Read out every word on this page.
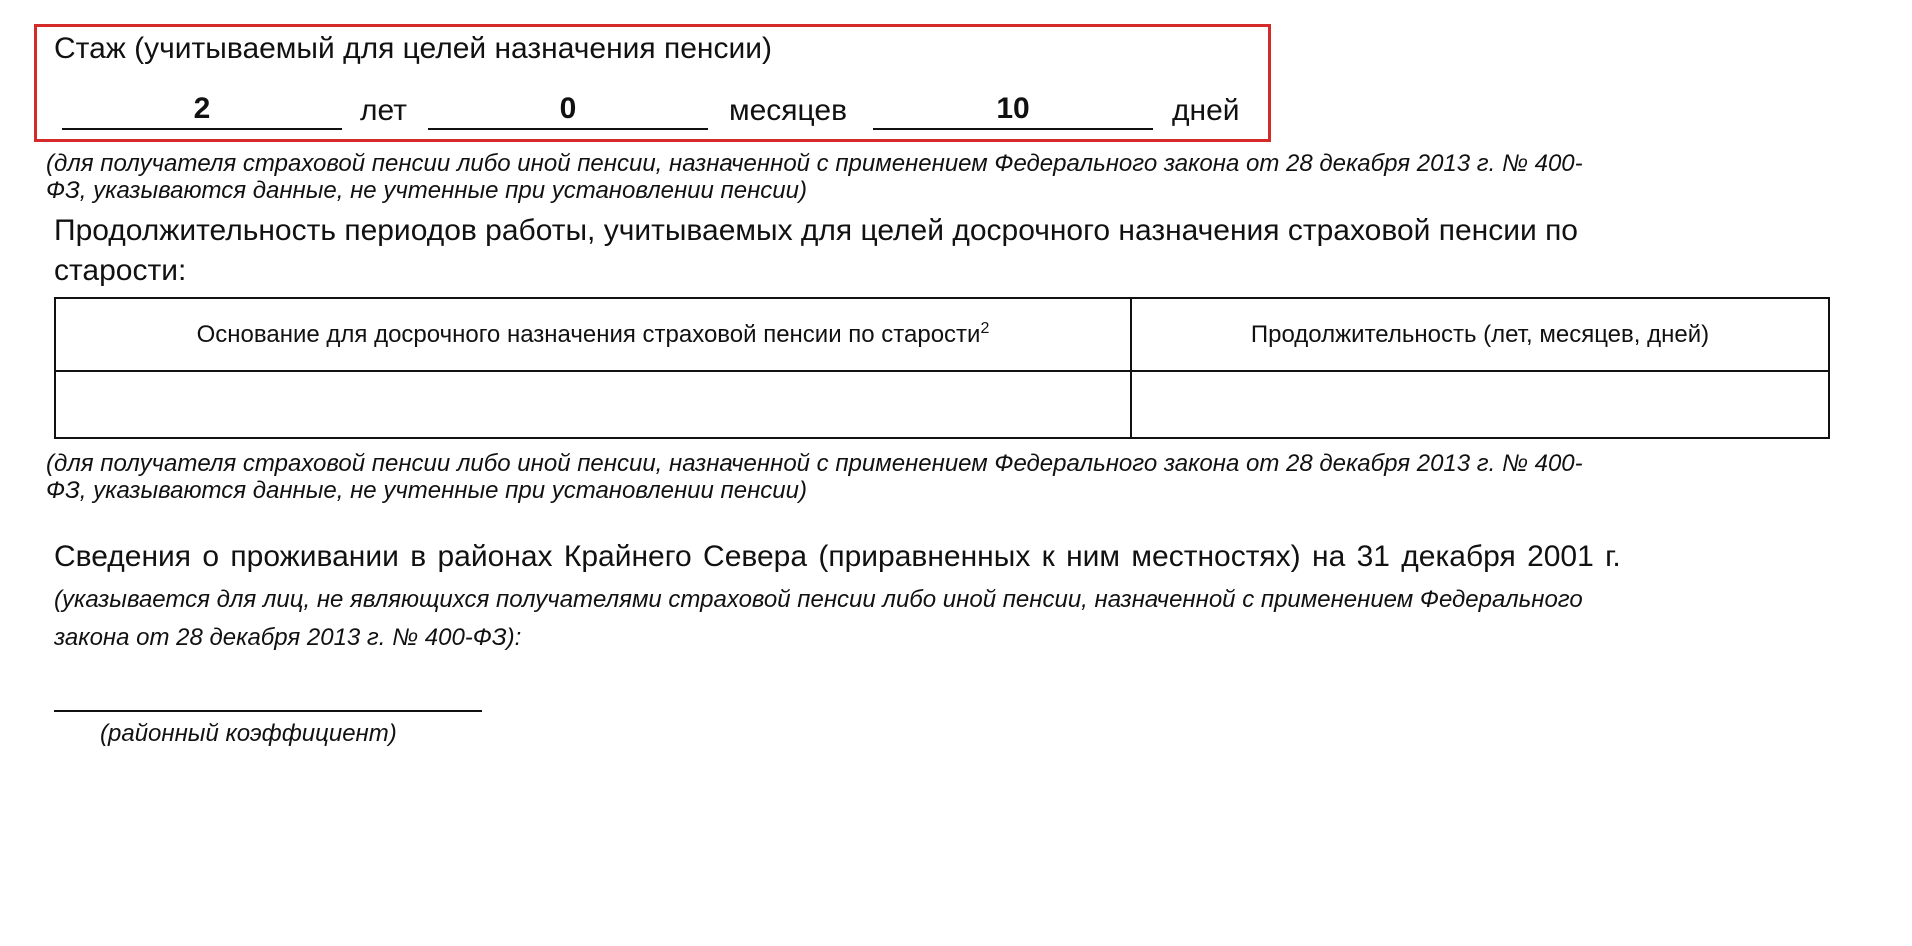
Стаж (учитываемый для целей назначения пенсии)
2	лет	0	месяцев	10	дней
(для получателя страховой пенсии либо иной пенсии, назначенной с применением Федерального закона от 28 декабря 2013 г. № 400-
ФЗ, указываются данные, не учтенные при установлении пенсии)
Продолжительность периодов работы, учитываемых для целей досрочного назначения страховой пенсии по
старости:
Основание для досрочного назначения страховой пенсии по старости$^2$	Продолжительность (лет, месяцев, дней)

(для получателя страховой пенсии либо иной пенсии, назначенной с применением Федерального закона от 28 декабря 2013 г. № 400-
ФЗ, указываются данные, не учтенные при установлении пенсии)
Сведения о проживании в районах Крайнего Севера (приравненных к ним местностях) на 31 декабря 2001 г.
(указывается для лиц, не являющихся получателями страховой пенсии либо иной пенсии, назначенной с применением Федерального
закона от 28 декабря 2013 г. № 400-ФЗ):
(районный коэффициент)
